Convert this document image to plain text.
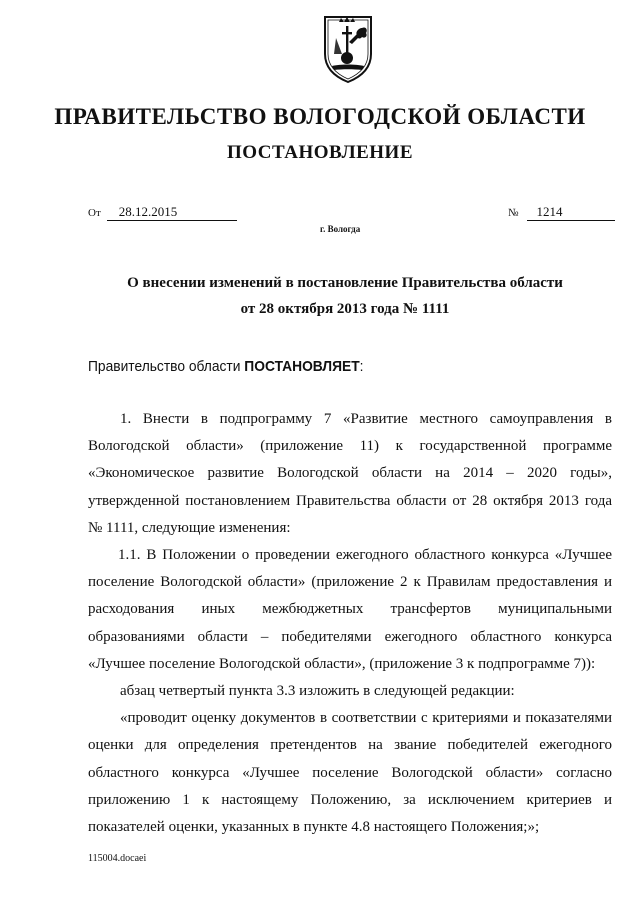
ПРАВИТЕЛЬСТВО ВОЛОГОДСКОЙ ОБЛАСТИ
ПОСТАНОВЛЕНИЕ
От	28.12.2015	№	1214
г. Вологда
О внесении изменений в постановление Правительства области
от 28 октября 2013 года № 1111
Правительство области ПОСТАНОВЛЯЕТ:

1. Внести в подпрограмму 7 «Развитие местного самоуправления в Вологодской области» (приложение 11) к государственной программе «Экономическое развитие Вологодской области на 2014 – 2020 годы», утвержденной постановлением Правительства области от 28 октября 2013 года № 1111, следующие изменения:

1.1. В Положении о проведении ежегодного областного конкурса «Лучшее поселение Вологодской области» (приложение 2 к Правилам предоставления и расходования иных межбюджетных трансфертов муниципальными образованиями области – победителями ежегодного областного конкурса «Лучшее поселение Вологодской области», (приложение 3 к подпрограмме 7)):

абзац четвертый пункта 3.3 изложить в следующей редакции:

«проводит оценку документов в соответствии с критериями и показателями оценки для определения претендентов на звание победителей ежегодного областного конкурса «Лучшее поселение Вологодской области» согласно приложению 1 к настоящему Положению, за исключением критериев и показателей оценки, указанных в пункте 4.8 настоящего Положения;»;

115004.docaei
